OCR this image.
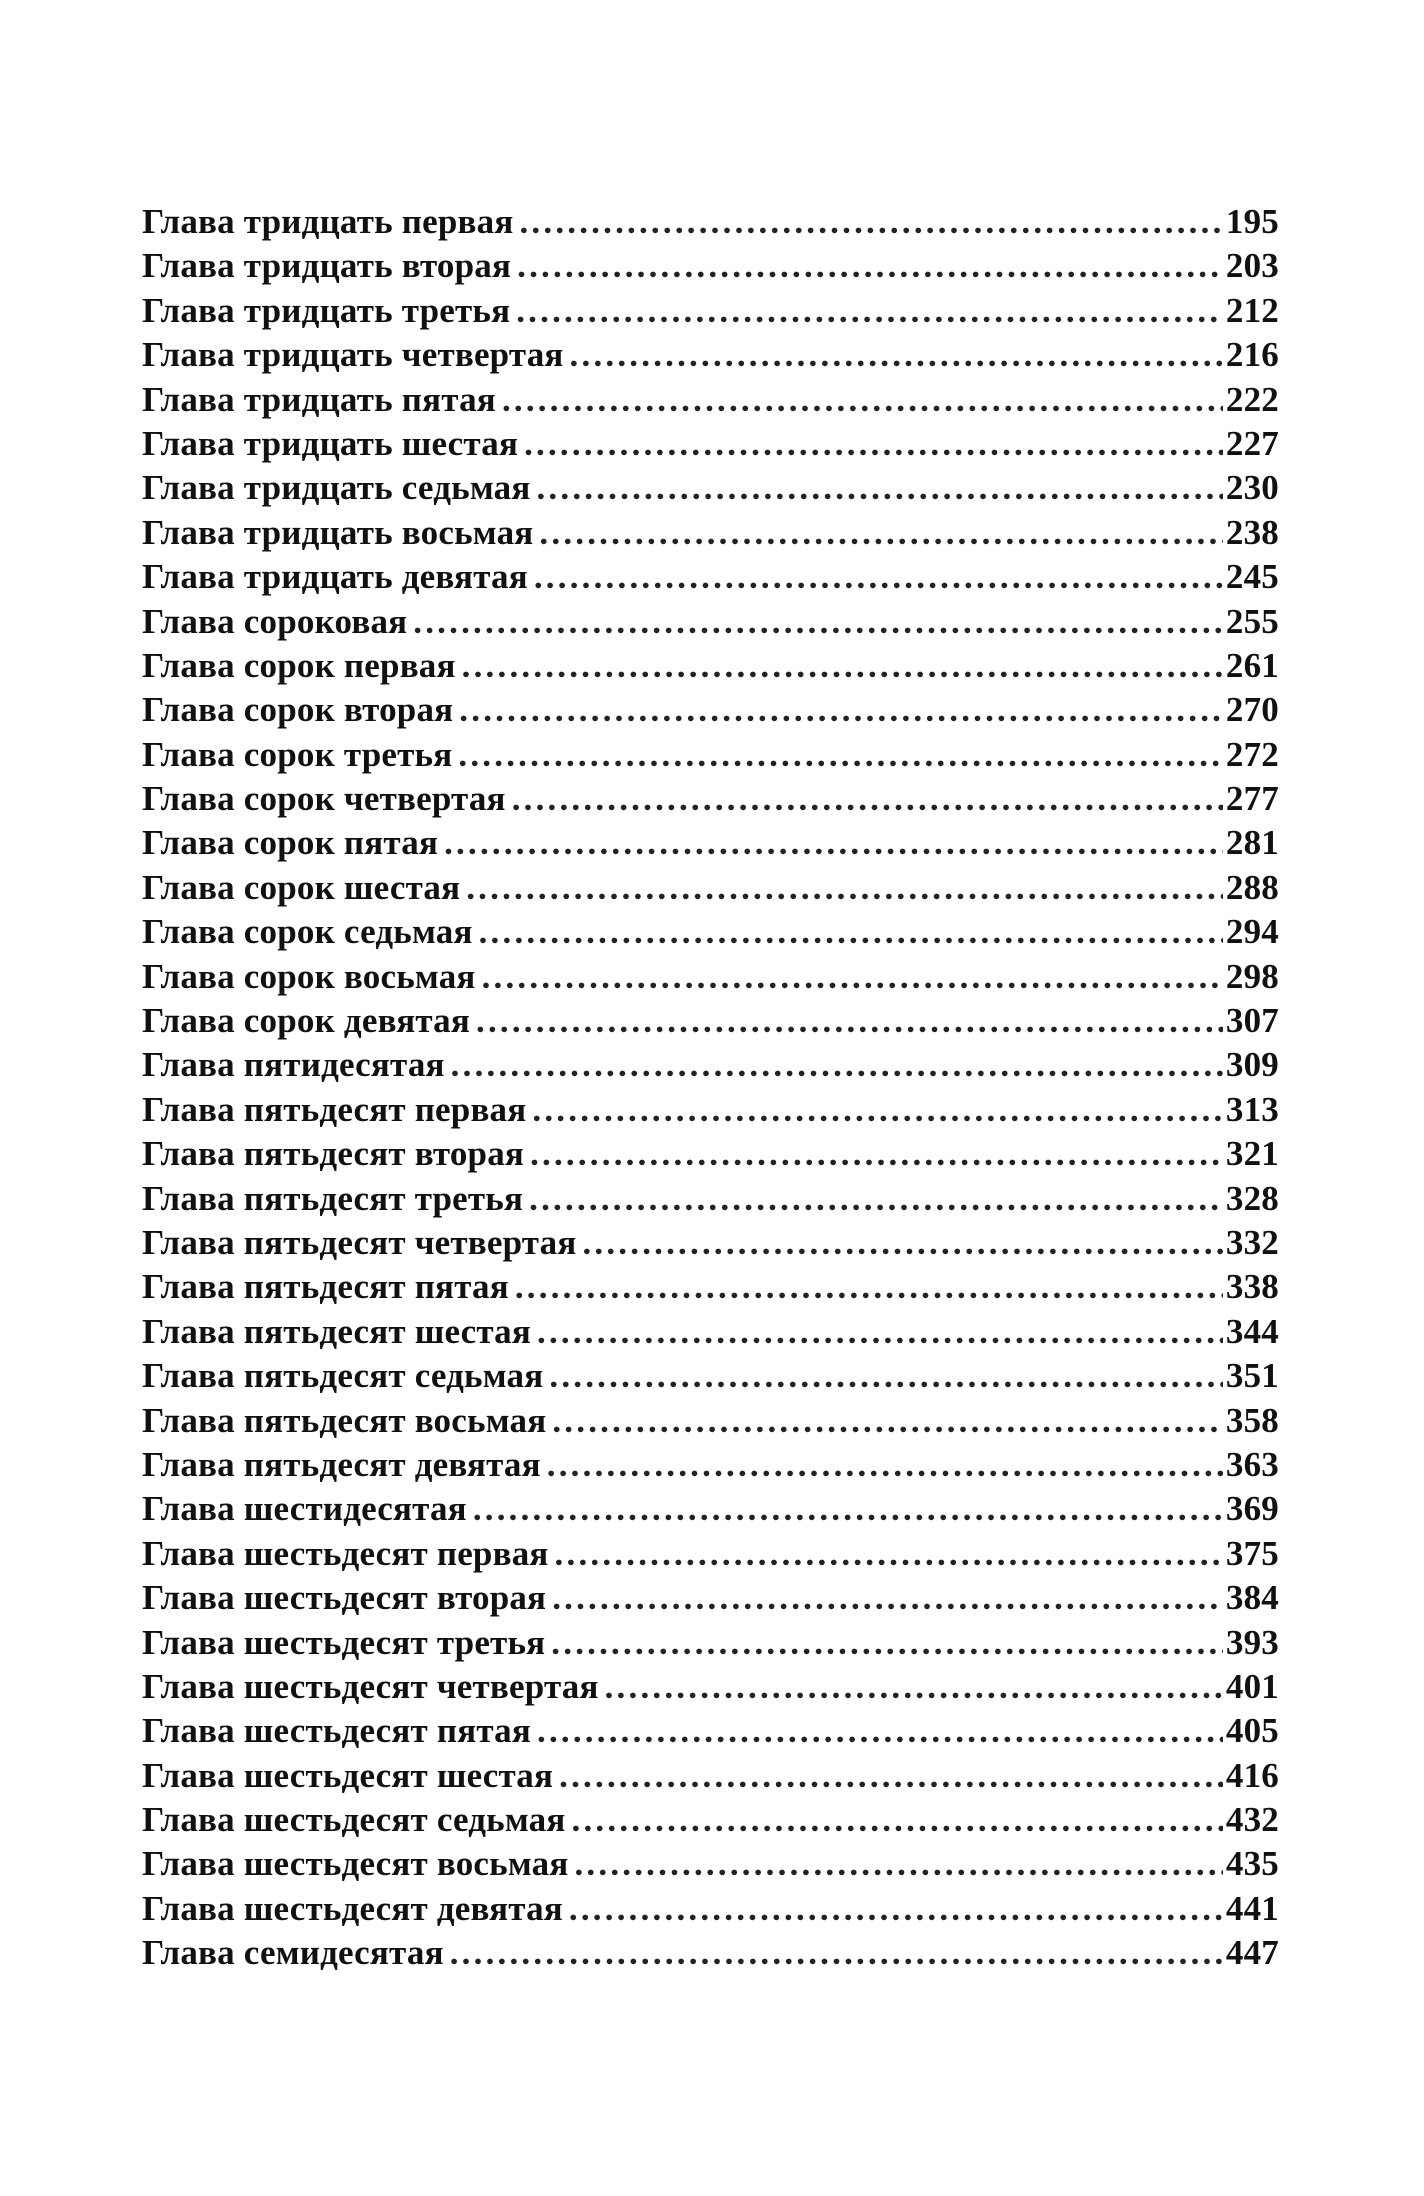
Глава тридцать первая .....	195
Глава тридцать вторая .....	203
Глава тридцать третья .....	212
Глава тридцать четвертая .....	216
Глава тридцать пятая .....	222
Глава тридцать шестая .....	227
Глава тридцать седьмая .....	230
Глава тридцать восьмая .....	238
Глава тридцать девятая .....	245
Глава сороковая .....	255
Глава сорок первая .....	261
Глава сорок вторая .....	270
Глава сорок третья .....	272
Глава сорок четвертая .....	277
Глава сорок пятая .....	281
Глава сорок шестая .....	288
Глава сорок седьмая .....	294
Глава сорок восьмая .....	298
Глава сорок девятая .....	307
Глава пятидесятая .....	309
Глава пятьдесят первая .....	313
Глава пятьдесят вторая .....	321
Глава пятьдесят третья .....	328
Глава пятьдесят четвертая .....	332
Глава пятьдесят пятая .....	338
Глава пятьдесят шестая .....	344
Глава пятьдесят седьмая .....	351
Глава пятьдесят восьмая .....	358
Глава пятьдесят девятая .....	363
Глава шестидесятая .....	369
Глава шестьдесят первая .....	375
Глава шестьдесят вторая .....	384
Глава шестьдесят третья .....	393
Глава шестьдесят четвертая .....	401
Глава шестьдесят пятая .....	405
Глава шестьдесят шестая .....	416
Глава шестьдесят седьмая .....	432
Глава шестьдесят восьмая .....	435
Глава шестьдесят девятая .....	441
Глава семидесятая .....	447
